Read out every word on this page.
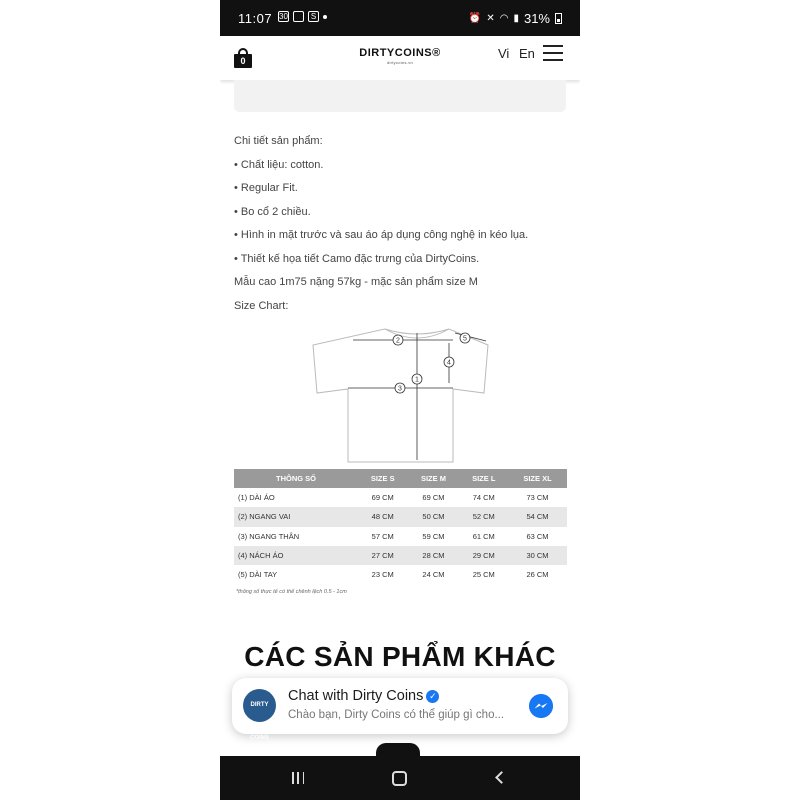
11:07 30	S	⏰ ✕ ◠ ▮ 31%
0
DIRTYCOINS®
dirtycoins.vn
Vi En

Chi tiết sản phẩm:

• Chất liệu: cotton.

• Regular Fit.

• Bo cổ 2 chiều.

• Hình in mặt trước và sau áo áp dụng công nghệ in kéo lụa.

• Thiết kế họa tiết Camo đặc trưng của DirtyCoins.

Mẫu cao 1m75 nặng 57kg - mặc sản phẩm size M

Size Chart:

1
2
3
4
5
THÔNG SỐ	SIZE S	SIZE M	SIZE L	SIZE XL
(1) DÀI ÁO	69 CM	69 CM	74 CM	73 CM
(2) NGANG VAI	48 CM	50 CM	52 CM	54 CM
(3) NGANG THÂN	57 CM	59 CM	61 CM	63 CM
(4) NÁCH ÁO	27 CM	28 CM	29 CM	30 CM
(5) DÀI TAY	23 CM	24 CM	25 CM	26 CM
*thông số thực tế có thể chênh lệch 0.5 - 1cm
CÁC SẢN PHẨM KHÁC
DIRTY COINS
Chat with Dirty Coins ✓
Chào bạn, Dirty Coins có thể giúp gì cho...
